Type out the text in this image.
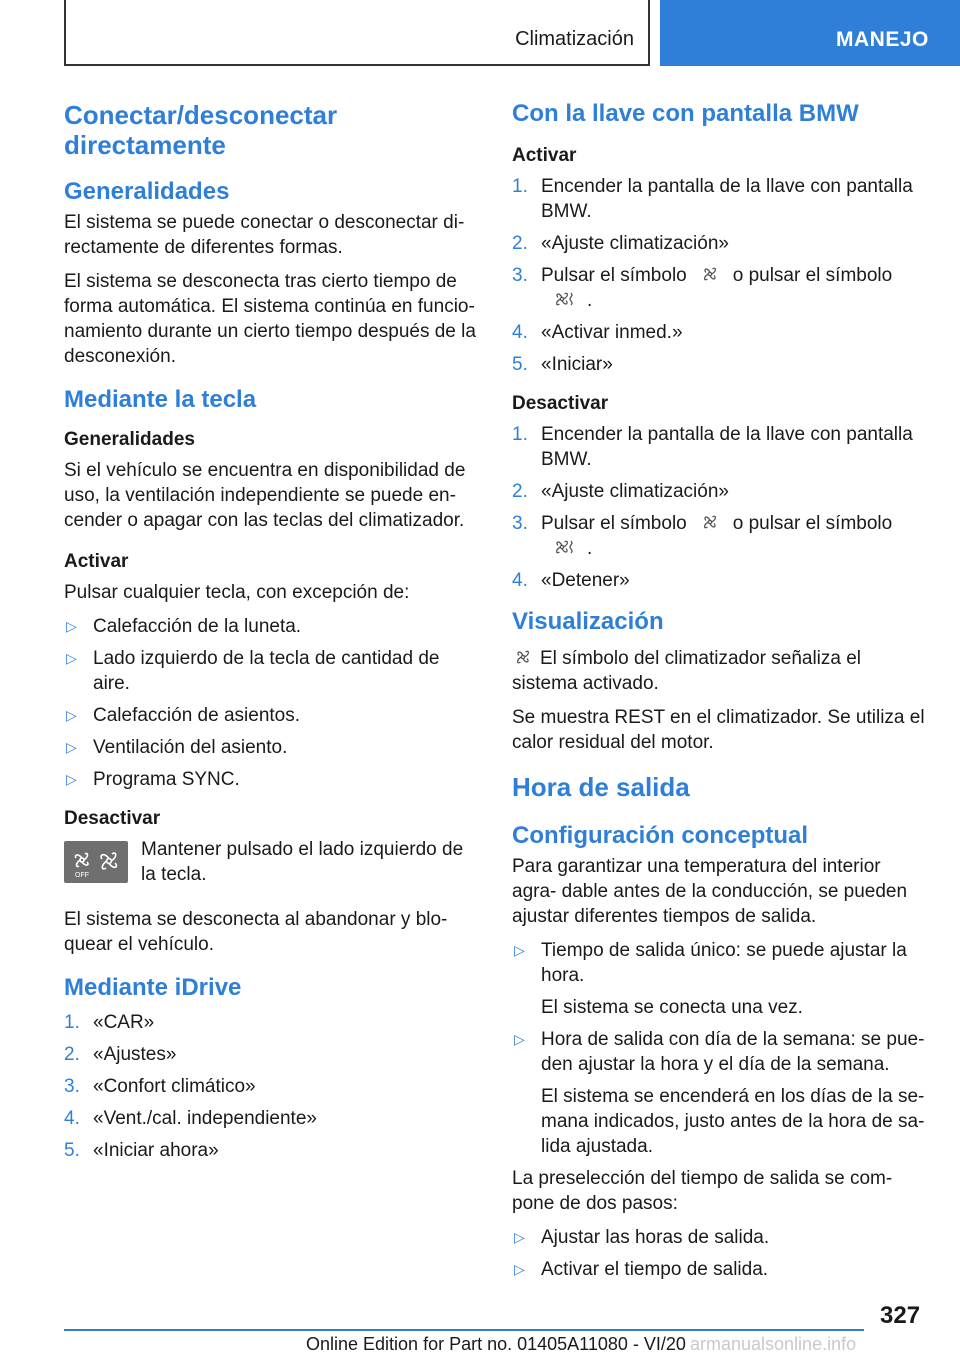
Climatización	MANEJO
Conectar/desconectar directamente
Generalidades

El sistema se puede conectar o desconectar di‐ rectamente de diferentes formas.

El sistema se desconecta tras cierto tiempo de forma automática. El sistema continúa en funcio‐ namiento durante un cierto tiempo después de la desconexión.

Mediante la tecla
Generalidades

Si el vehículo se encuentra en disponibilidad de uso, la ventilación independiente se puede en‐ cender o apagar con las teclas del climatizador.

Activar

Pulsar cualquier tecla, con excepción de:

▷ Calefacción de la luneta.
▷ Lado izquierdo de la tecla de cantidad de aire.
▷ Calefacción de asientos.
▷ Ventilación del asiento.
▷ Programa SYNC.
Desactivar
OFF

Mantener pulsado el lado izquierdo de la tecla.

El sistema se desconecta al abandonar y blo‐ quear el vehículo.

Mediante iDrive
1. «CAR»
2. «Ajustes»
3. «Confort climático»
4. «Vent./cal. independiente»
5. «Iniciar ahora»
Con la llave con pantalla BMW
Activar
1. Encender la pantalla de la llave con pantalla BMW.
2. «Ajuste climatización»
3. Pulsar el símbolo o pulsar el símbolo.
4. «Activar inmed.»
5. «Iniciar»
Desactivar
1. Encender la pantalla de la llave con pantalla BMW.
2. «Ajuste climatización»
3. Pulsar el símbolo o pulsar el símbolo.
4. «Detener»
Visualización

El símbolo del climatizador señaliza el sistema activado.

Se muestra REST en el climatizador. Se utiliza el calor residual del motor.

Hora de salida
Configuración conceptual

Para garantizar una temperatura del interior agra‐ dable antes de la conducción, se pueden ajustar diferentes tiempos de salida.

▷ Tiempo de salida único: se puede ajustar la hora.

El sistema se conecta una vez.

▷ Hora de salida con día de la semana: se pue‐ den ajustar la hora y el día de la semana.

El sistema se encenderá en los días de la se‐ mana indicados, justo antes de la hora de sa‐ lida ajustada.

La preselección del tiempo de salida se com‐ pone de dos pasos:

▷ Ajustar las horas de salida.
▷ Activar el tiempo de salida.
327
Online Edition for Part no. 01405A11080 - VI/20 armanualsonline.info
